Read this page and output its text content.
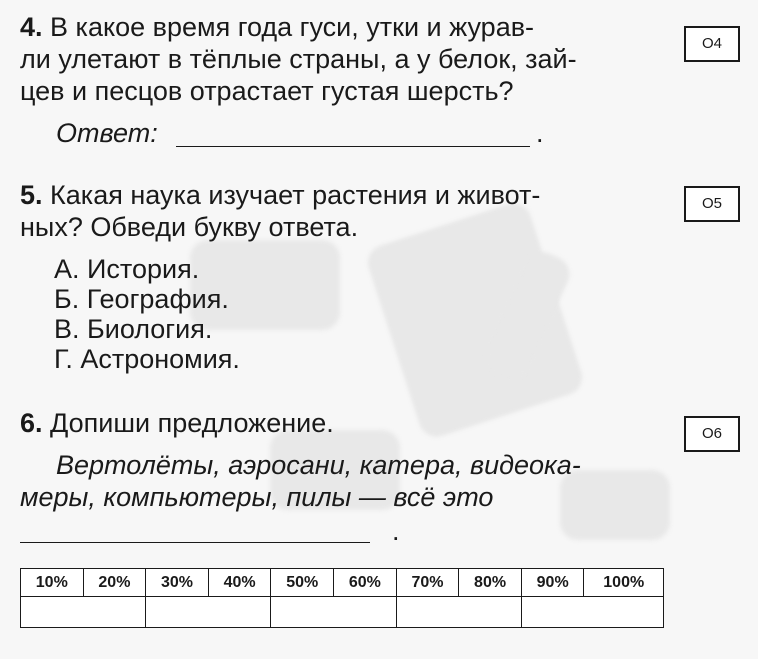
4. В какое время года гуси, утки и журав-
ли улетают в тёплые страны, а у белок, зай-
цев и песцов отрастает густая шерсть?
Ответ:	.
О4
5. Какая наука изучает растения и живот-
ных? Обведи букву ответа.
А. История.
Б. География.
В. Биология.
Г. Астрономия.
О5
6. Допиши предложение.
Вертолёты, аэросани, катера, видеока-
меры, компьютеры, пилы — всё это
.
О6
10%	20%	30%	40%	50%	60%	70%	80%	90%	100%
